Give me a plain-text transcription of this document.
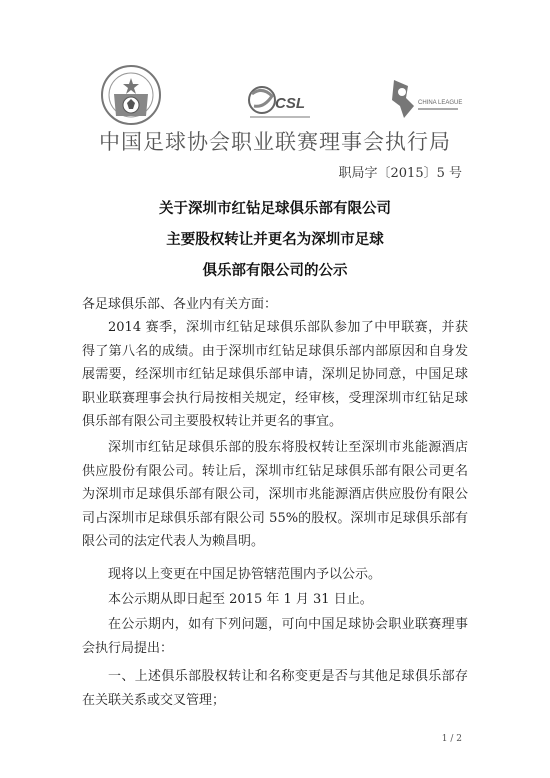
CSL	CHINA LEAGUE
中国足球协会职业联赛理事会执行局
职局字〔2015〕5 号
关于深圳市红钻足球俱乐部有限公司
主要股权转让并更名为深圳市足球
俱乐部有限公司的公示
各足球俱乐部、各业内有关方面：
2014 赛季，深圳市红钻足球俱乐部队参加了中甲联赛，并获得了第八名的成绩。由于深圳市红钻足球俱乐部内部原因和自身发展需要，经深圳市红钻足球俱乐部申请，深圳足协同意，中国足球职业联赛理事会执行局按相关规定，经审核，受理深圳市红钻足球俱乐部有限公司主要股权转让并更名的事宜。
深圳市红钻足球俱乐部的股东将股权转让至深圳市兆能源酒店供应股份有限公司。转让后，深圳市红钻足球俱乐部有限公司更名为深圳市足球俱乐部有限公司，深圳市兆能源酒店供应股份有限公司占深圳市足球俱乐部有限公司 55%的股权。深圳市足球俱乐部有限公司的法定代表人为赖昌明。
现将以上变更在中国足协管辖范围内予以公示。
本公示期从即日起至 2015 年 1 月 31 日止。
在公示期内，如有下列问题，可向中国足球协会职业联赛理事会执行局提出：
一、上述俱乐部股权转让和名称变更是否与其他足球俱乐部存在关联关系或交叉管理；
1 / 2
